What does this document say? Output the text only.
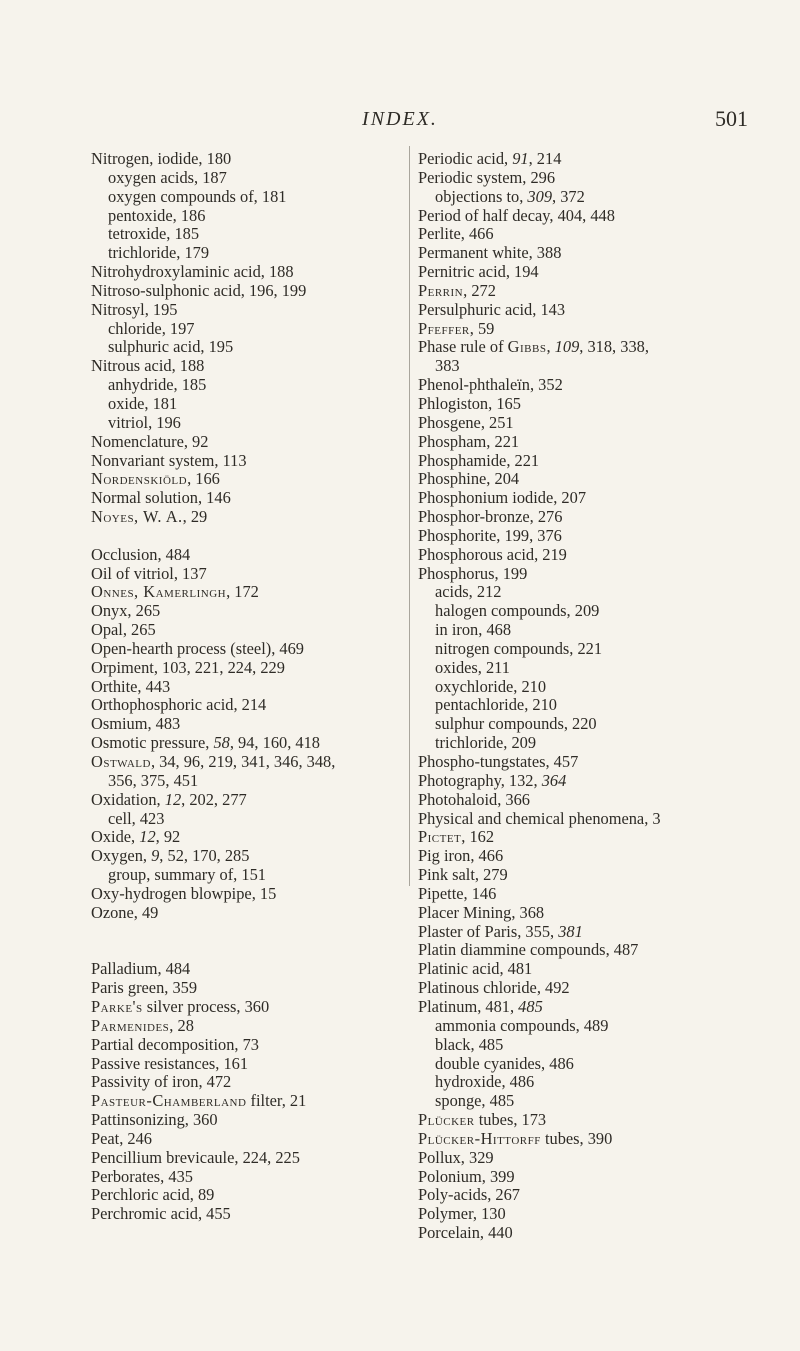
INDEX.	501
Nitrogen, iodide, 180
oxygen acids, 187
oxygen compounds of, 181
pentoxide, 186
tetroxide, 185
trichloride, 179
Nitrohydroxylaminic acid, 188
Nitroso-sulphonic acid, 196, 199
Nitrosyl, 195
chloride, 197
sulphuric acid, 195
Nitrous acid, 188
anhydride, 185
oxide, 181
vitriol, 196
Nomenclature, 92
Nonvariant system, 113
Nordenskiöld, 166
Normal solution, 146
Noyes, W. A., 29
Occlusion, 484
Oil of vitriol, 137
Onnes, Kamerlingh, 172
Onyx, 265
Opal, 265
Open-hearth process (steel), 469
Orpiment, 103, 221, 224, 229
Orthite, 443
Orthophosphoric acid, 214
Osmium, 483
Osmotic pressure, 58, 94, 160, 418
Ostwald, 34, 96, 219, 341, 346, 348,
356, 375, 451
Oxidation, 12, 202, 277
cell, 423
Oxide, 12, 92
Oxygen, 9, 52, 170, 285
group, summary of, 151
Oxy-hydrogen blowpipe, 15
Ozone, 49
Palladium, 484
Paris green, 359
Parke's silver process, 360
Parmenides, 28
Partial decomposition, 73
Passive resistances, 161
Passivity of iron, 472
Pasteur-Chamberland filter, 21
Pattinsonizing, 360
Peat, 246
Pencillium brevicaule, 224, 225
Perborates, 435
Perchloric acid, 89
Perchromic acid, 455
Periodic acid, 91, 214
Periodic system, 296
objections to, 309, 372
Period of half decay, 404, 448
Perlite, 466
Permanent white, 388
Pernitric acid, 194
Perrin, 272
Persulphuric acid, 143
Pfeffer, 59
Phase rule of Gibbs, 109, 318, 338,
383
Phenol-phthaleïn, 352
Phlogiston, 165
Phosgene, 251
Phospham, 221
Phosphamide, 221
Phosphine, 204
Phosphonium iodide, 207
Phosphor-bronze, 276
Phosphorite, 199, 376
Phosphorous acid, 219
Phosphorus, 199
acids, 212
halogen compounds, 209
in iron, 468
nitrogen compounds, 221
oxides, 211
oxychloride, 210
pentachloride, 210
sulphur compounds, 220
trichloride, 209
Phospho-tungstates, 457
Photography, 132, 364
Photohaloid, 366
Physical and chemical phenomena, 3
Pictet, 162
Pig iron, 466
Pink salt, 279
Pipette, 146
Placer Mining, 368
Plaster of Paris, 355, 381
Platin diammine compounds, 487
Platinic acid, 481
Platinous chloride, 492
Platinum, 481, 485
ammonia compounds, 489
black, 485
double cyanides, 486
hydroxide, 486
sponge, 485
Plücker tubes, 173
Plücker-Hittorff tubes, 390
Pollux, 329
Polonium, 399
Poly-acids, 267
Polymer, 130
Porcelain, 440
